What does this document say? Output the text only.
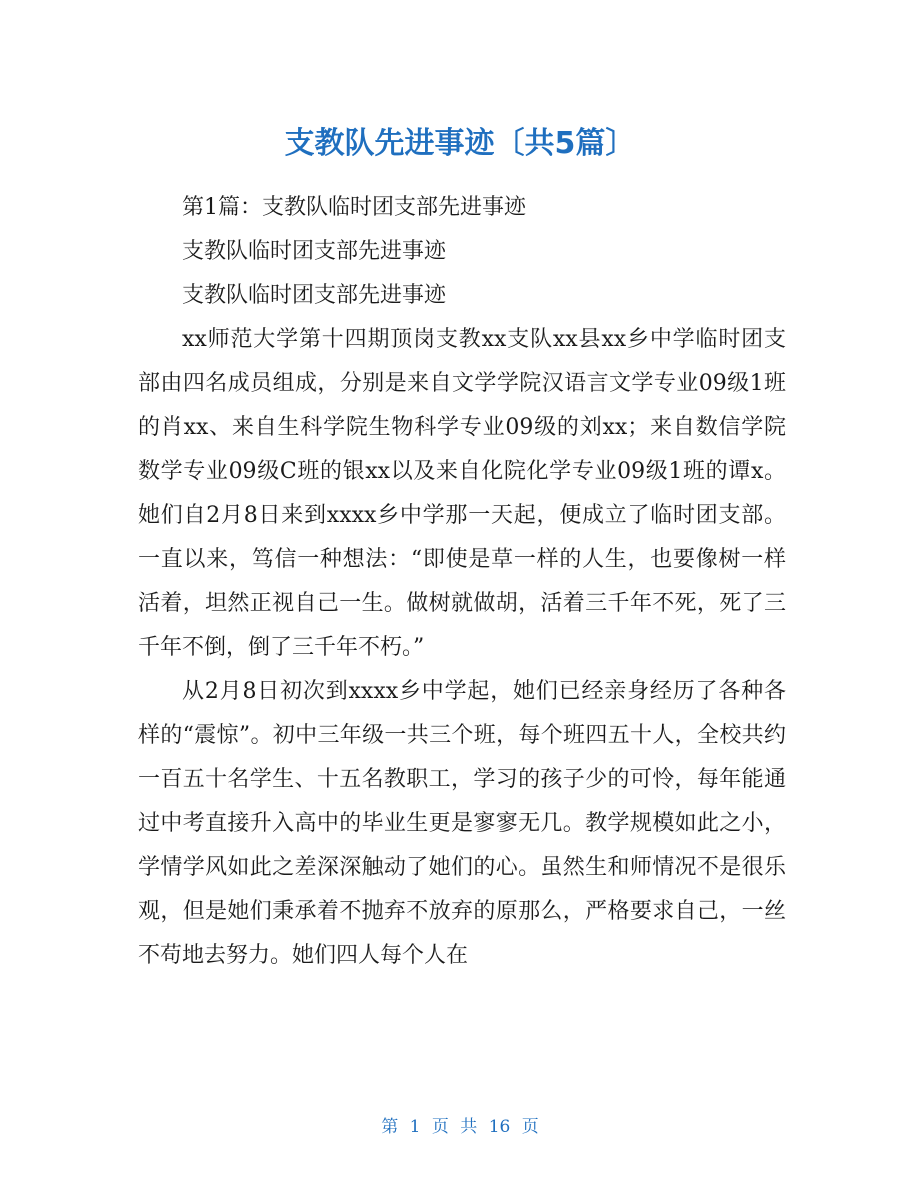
支教队先进事迹〔共5篇〕

第1篇：支教队临时团支部先进事迹

支教队临时团支部先进事迹

支教队临时团支部先进事迹

xx师范大学第十四期顶岗支教xx支队xx县xx乡中学临时团支部由四名成员组成，分别是来自文学学院汉语言文学专业09级1班的肖xx、来自生科学院生物科学专业09级的刘xx；来自数信学院数学专业09级C班的银xx以及来自化院化学专业09级1班的谭x。她们自2月8日来到xxxx乡中学那一天起，便成立了临时团支部。一直以来，笃信一种想法：“即使是草一样的人生，也要像树一样活着，坦然正视自己一生。做树就做胡，活着三千年不死，死了三千年不倒，倒了三千年不朽。”

从2月8日初次到xxxx乡中学起，她们已经亲身经历了各种各样的“震惊”。初中三年级一共三个班，每个班四五十人，全校共约一百五十名学生、十五名教职工，学习的孩子少的可怜，每年能通过中考直接升入高中的毕业生更是寥寥无几。教学规模如此之小，学情学风如此之差深深触动了她们的心。虽然生和师情况不是很乐观，但是她们秉承着不抛弃不放弃的原那么，严格要求自己，一丝不苟地去努力。她们四人每个人在

第 1 页 共 16 页
